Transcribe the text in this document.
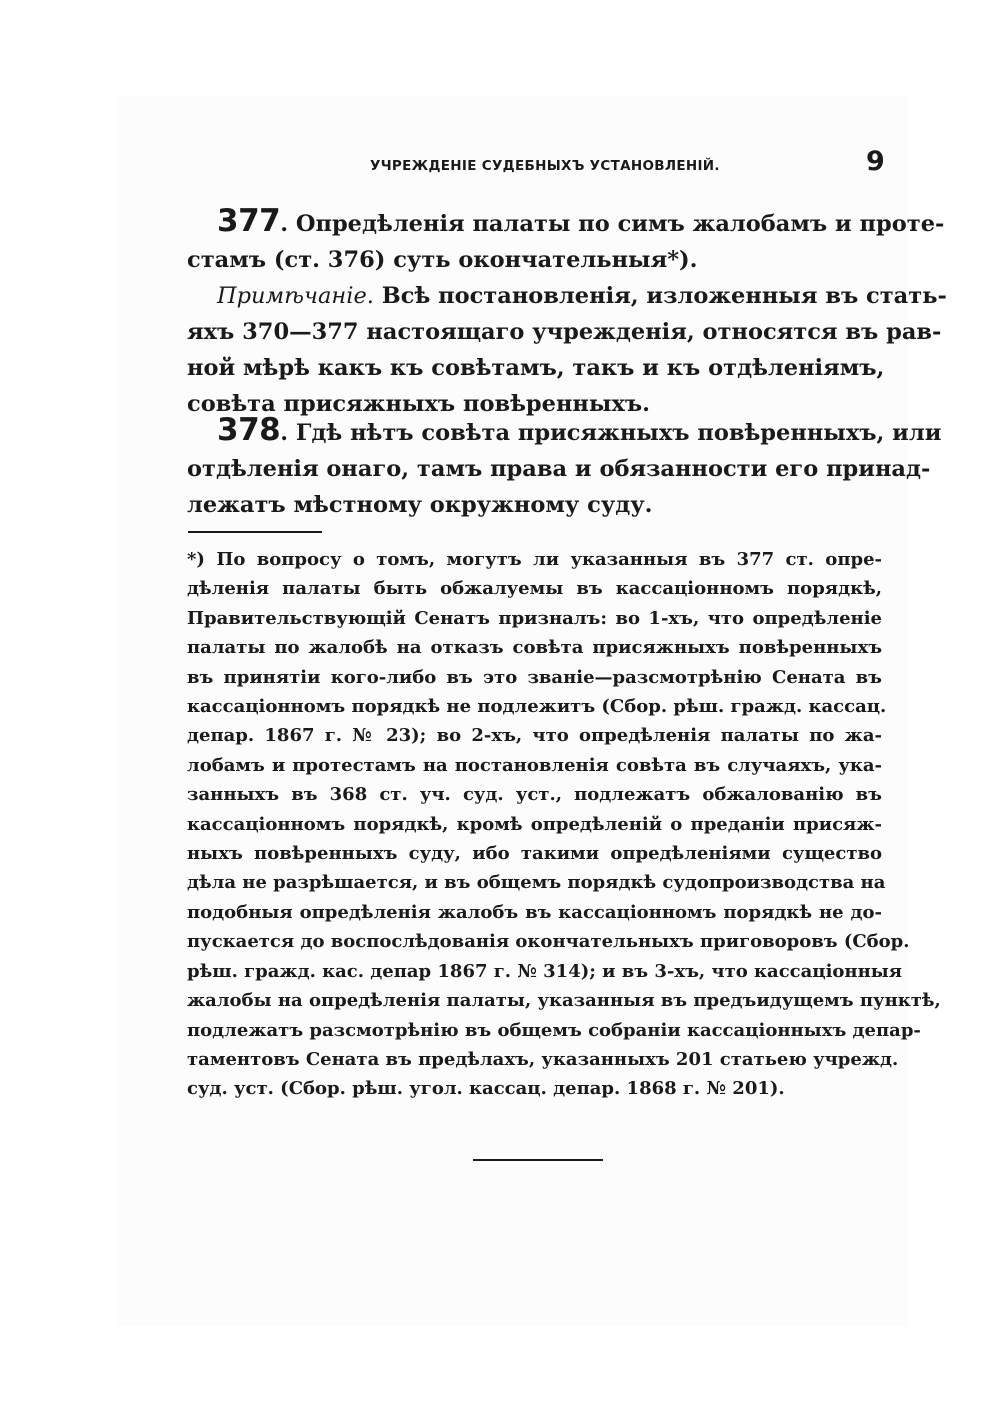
УЧРЕЖДЕНІЕ СУДЕБНЫХЪ УСТАНОВЛЕНІЙ.	9
377. Опредѣленія палаты по симъ жалобамъ и проте-
стамъ (ст. 376) суть окончательныя*).
Примѣчаніе. Всѣ постановленія, изложенныя въ стать-
яхъ 370—377 настоящаго учрежденія, относятся въ рав-
ной мѣрѣ какъ къ совѣтамъ, такъ и къ отдѣленіямъ,
совѣта присяжныхъ повѣренныхъ.
378. Гдѣ нѣтъ совѣта присяжныхъ повѣренныхъ, или
отдѣленія онаго, тамъ права и обязанности его принад-
лежатъ мѣстному окружному суду.
*) По вопросу о томъ, могутъ ли указанныя въ 377 ст. опре-
дѣленія палаты быть обжалуемы въ кассаціонномъ порядкѣ,
Правительствующій Сенатъ призналъ: во 1-хъ, что опредѣленіе
палаты по жалобѣ на отказъ совѣта присяжныхъ повѣренныхъ
въ принятіи кого-либо въ это званіе—разсмотрѣнію Сената въ
кассаціонномъ порядкѣ не подлежитъ (Сбор. рѣш. гражд. кассац.
депар. 1867 г. № 23); во 2-хъ, что опредѣленія палаты по жа-
лобамъ и протестамъ на постановленія совѣта въ случаяхъ, ука-
занныхъ въ 368 ст. уч. суд. уст., подлежатъ обжалованію въ
кассаціонномъ порядкѣ, кромѣ опредѣленій о преданіи присяж-
ныхъ повѣренныхъ суду, ибо такими опредѣленіями существо
дѣла не разрѣшается, и въ общемъ порядкѣ судопроизводства на
подобныя опредѣленія жалобъ въ кассаціонномъ порядкѣ не до-
пускается до воспослѣдованія окончательныхъ приговоровъ (Сбор.
рѣш. гражд. кас. депар 1867 г. № 314); и въ 3-хъ, что кассаціонныя
жалобы на опредѣленія палаты, указанныя въ предъидущемъ пунктѣ,
подлежатъ разсмотрѣнію въ общемъ собраніи кассаціонныхъ депар-
таментовъ Сената въ предѣлахъ, указанныхъ 201 статьею учрежд.
суд. уст. (Сбор. рѣш. угол. кассац. депар. 1868 г. № 201).
